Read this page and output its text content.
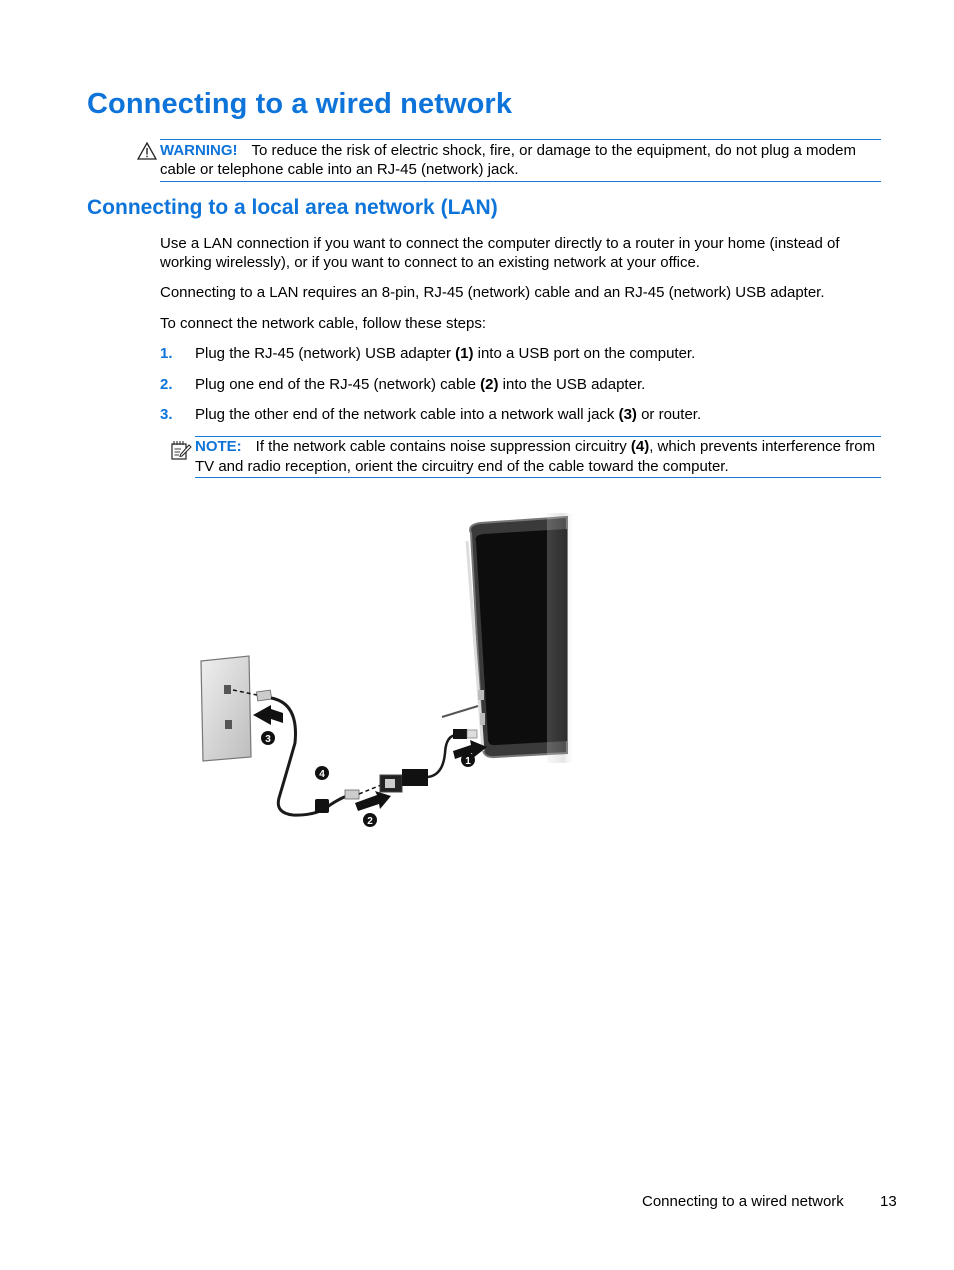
Connecting to a wired network
WARNING! To reduce the risk of electric shock, fire, or damage to the equipment, do not plug a modem cable or telephone cable into an RJ-45 (network) jack.
Connecting to a local area network (LAN)

Use a LAN connection if you want to connect the computer directly to a router in your home (instead of working wirelessly), or if you want to connect to an existing network at your office.

Connecting to a LAN requires an 8-pin, RJ-45 (network) cable and an RJ-45 (network) USB adapter.

To connect the network cable, follow these steps:

1. Plug the RJ-45 (network) USB adapter (1) into a USB port on the computer.
2. Plug one end of the RJ-45 (network) cable (2) into the USB adapter.
3. Plug the other end of the network cable into a network wall jack (3) or router.
NOTE: If the network cable contains noise suppression circuitry (4), which prevents interference from TV and radio reception, orient the circuitry end of the cable toward the computer.
1
2
3
4
Connecting to a wired network 13
